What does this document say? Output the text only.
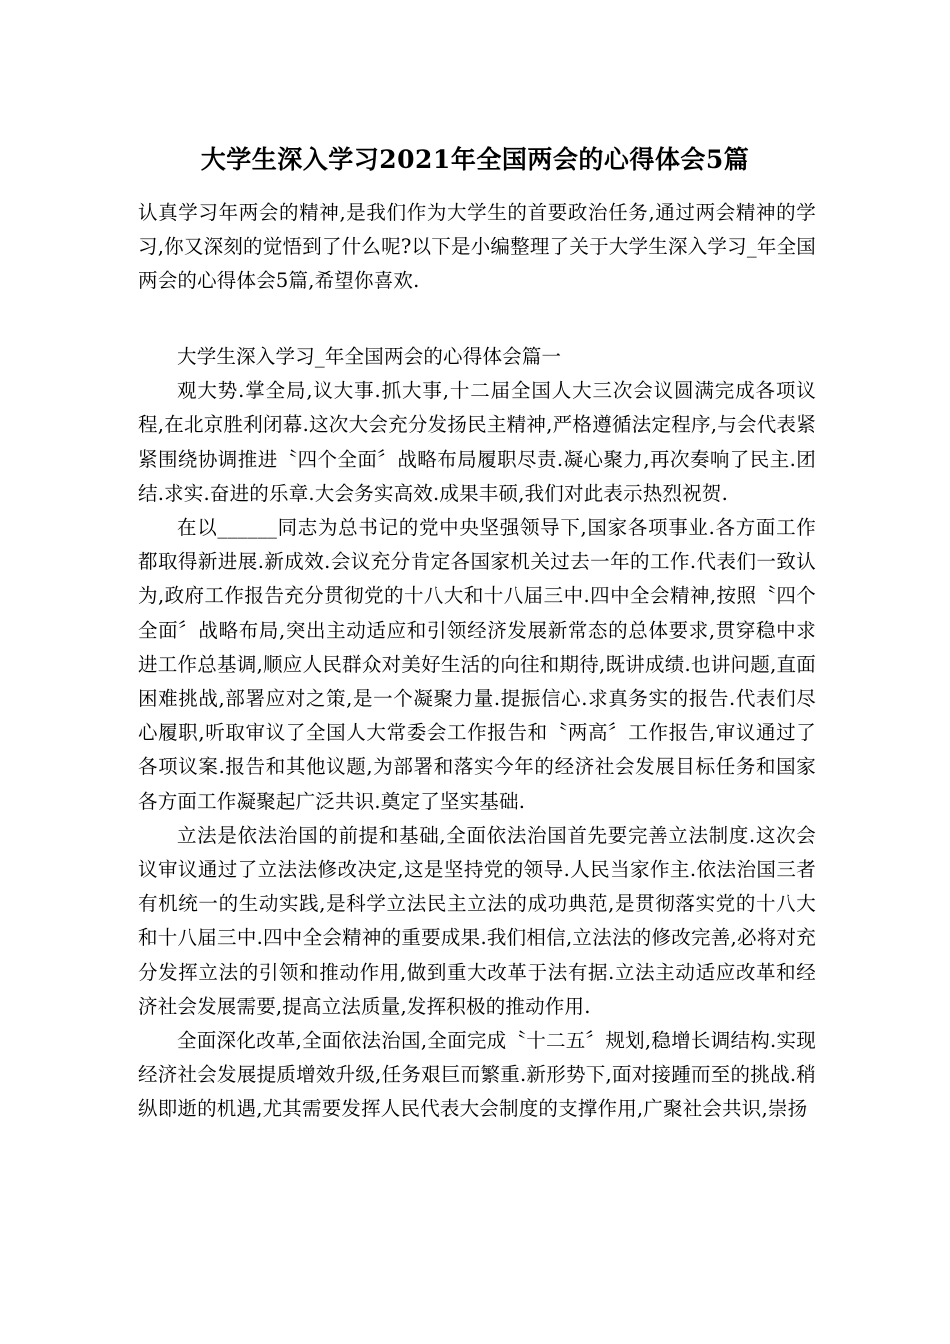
大学生深入学习2021年全国两会的心得体会5篇

认真学习年两会的精神,是我们作为大学生的首要政治任务,通过两会精神的学习,你又深刻的觉悟到了什么呢?以下是小编整理了关于大学生深入学习_年全国两会的心得体会5篇,希望你喜欢.

大学生深入学习_年全国两会的心得体会篇一

观大势.掌全局,议大事.抓大事,十二届全国人大三次会议圆满完成各项议程,在北京胜利闭幕.这次大会充分发扬民主精神,严格遵循法定程序,与会代表紧紧围绕协调推进〝四个全面〞战略布局履职尽责.凝心聚力,再次奏响了民主.团结.求实.奋进的乐章.大会务实高效.成果丰硕,我们对此表示热烈祝贺.

在以______同志为总书记的党中央坚强领导下,国家各项事业.各方面工作都取得新进展.新成效.会议充分肯定各国家机关过去一年的工作.代表们一致认为,政府工作报告充分贯彻党的十八大和十八届三中.四中全会精神,按照〝四个全面〞战略布局,突出主动适应和引领经济发展新常态的总体要求,贯穿稳中求进工作总基调,顺应人民群众对美好生活的向往和期待,既讲成绩.也讲问题,直面困难挑战,部署应对之策,是一个凝聚力量.提振信心.求真务实的报告.代表们尽心履职,听取审议了全国人大常委会工作报告和〝两高〞工作报告,审议通过了各项议案.报告和其他议题,为部署和落实今年的经济社会发展目标任务和国家各方面工作凝聚起广泛共识.奠定了坚实基础.

立法是依法治国的前提和基础,全面依法治国首先要完善立法制度.这次会议审议通过了立法法修改决定,这是坚持党的领导.人民当家作主.依法治国三者有机统一的生动实践,是科学立法民主立法的成功典范,是贯彻落实党的十八大和十八届三中.四中全会精神的重要成果.我们相信,立法法的修改完善,必将对充分发挥立法的引领和推动作用,做到重大改革于法有据.立法主动适应改革和经济社会发展需要,提高立法质量,发挥积极的推动作用.

全面深化改革,全面依法治国,全面完成〝十二五〞规划,稳增长调结构.实现经济社会发展提质增效升级,任务艰巨而繁重.新形势下,面对接踵而至的挑战.稍纵即逝的机遇,尤其需要发挥人民代表大会制度的支撑作用,广聚社会共识,崇扬
